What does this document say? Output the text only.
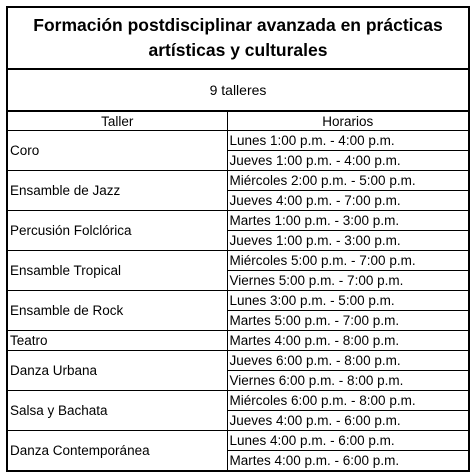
Formación postdisciplinar avanzada en prácticas artísticas y culturales
9 talleres
Taller	Horarios
Coro	Lunes 1:00 p.m. - 4:00 p.m.
	Jueves 1:00 p.m. - 4:00 p.m.
Ensamble de Jazz	Miércoles 2:00 p.m. - 5:00 p.m.
	Jueves 4:00 p.m. - 7:00 p.m.
Percusión Folclórica	Martes 1:00 p.m. - 3:00 p.m.
	Jueves 1:00 p.m. - 3:00 p.m.
Ensamble Tropical	Miércoles 5:00 p.m. - 7:00 p.m.
	Viernes 5:00 p.m. - 7:00 p.m.
Ensamble de Rock	Lunes 3:00 p.m. - 5:00 p.m.
	Martes 5:00 p.m. - 7:00 p.m.
Teatro	Martes 4:00 p.m. - 8:00 p.m.
Danza Urbana	Jueves 6:00 p.m. - 8:00 p.m.
	Viernes 6:00 p.m. - 8:00 p.m.
Salsa y Bachata	Miércoles 6:00 p.m. - 8:00 p.m.
	Jueves 4:00 p.m. - 6:00 p.m.
Danza Contemporánea	Lunes 4:00 p.m. - 6:00 p.m.
	Martes 4:00 p.m. - 6:00 p.m.
